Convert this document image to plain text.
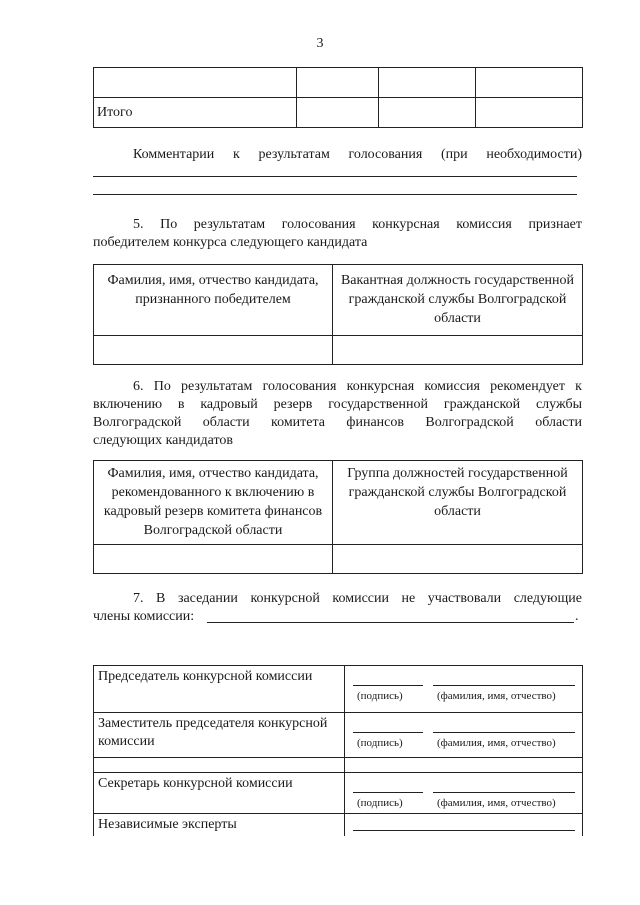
3

Итого			
Комментарии к результатам голосования (при необходимости)
5. По результатам голосования конкурсная комиссия признает
победителем конкурса следующего кандидата
Фамилия, имя, отчество кандидата, признанного победителем	Вакантная должность государственной гражданской службы Волгоградской области

6. По результатам голосования конкурсная комиссия рекомендует к
включению в кадровый резерв государственной гражданской службы
Волгоградской области комитета финансов Волгоградской области
следующих кандидатов
Фамилия, имя, отчество кандидата, рекомендованного к включению в кадровый резерв комитета финансов Волгоградской области	Группа должностей государственной гражданской службы Волгоградской области

7. В заседании конкурсной комиссии не участвовали следующие
члены комиссии:	.
Председатель конкурсной комиссии	(подпись) (фамилия, имя, отчество)

Заместитель председателя конкурсной комиссии	(подпись) (фамилия, имя, отчество)

Секретарь конкурсной комиссии	(подпись) (фамилия, имя, отчество)

Независимые эксперты	
